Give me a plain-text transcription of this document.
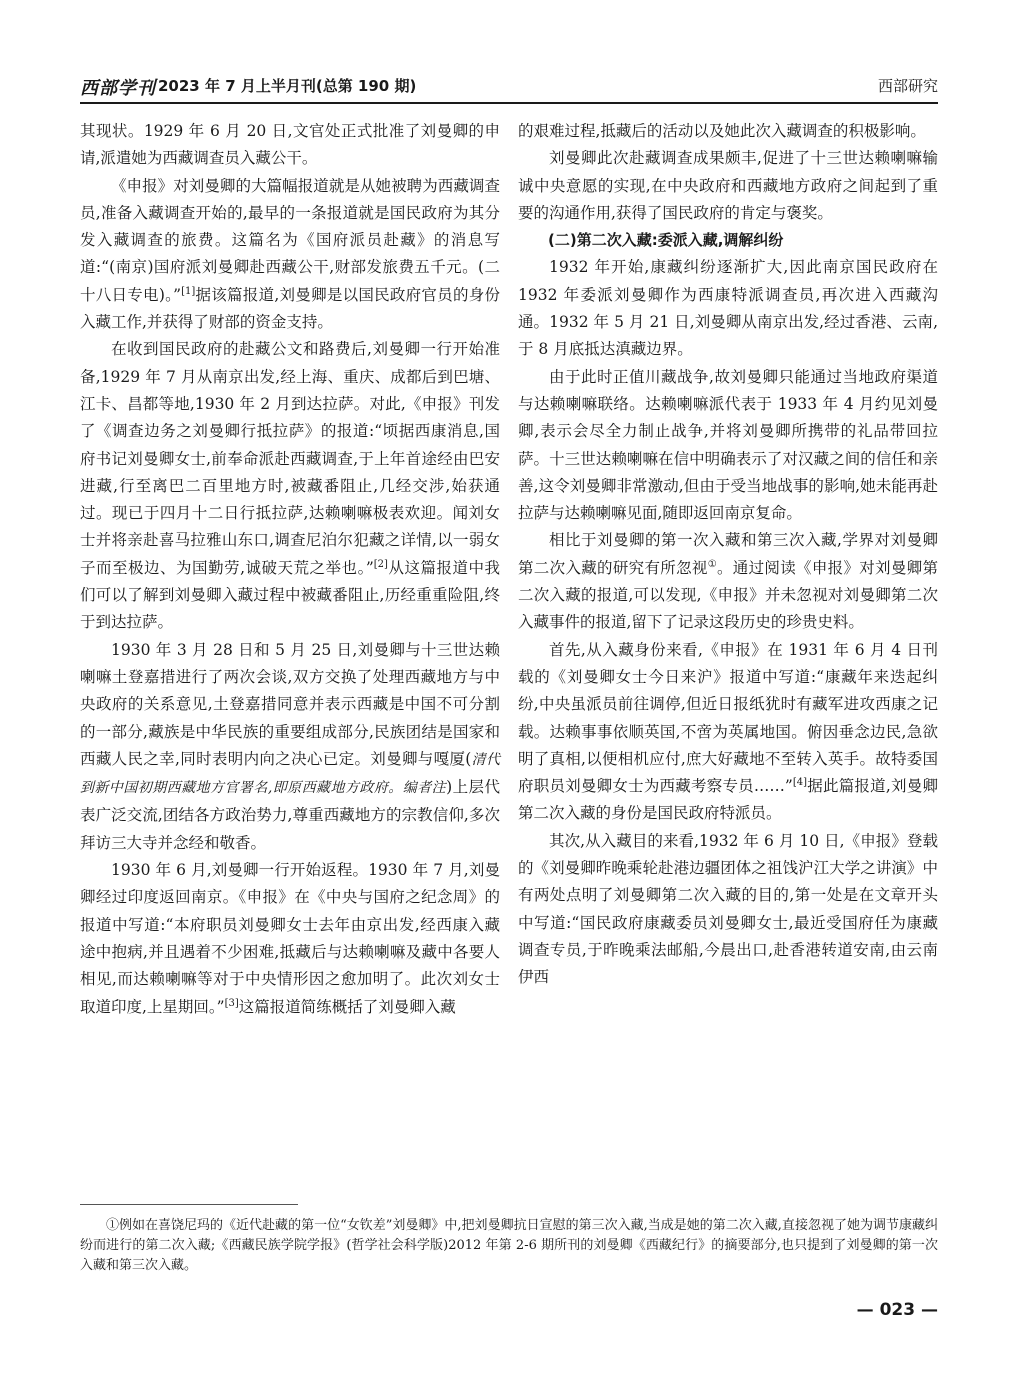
西部学刊 2023 年 7 月上半月刊(总第 190 期)	西部研究

其现状。1929 年 6 月 20 日,文官处正式批准了刘曼卿的申请,派遣她为西藏调查员入藏公干。

《申报》对刘曼卿的大篇幅报道就是从她被聘为西藏调查员,准备入藏调查开始的,最早的一条报道就是国民政府为其分发入藏调查的旅费。这篇名为《国府派员赴藏》的消息写道:“(南京)国府派刘曼卿赴西藏公干,财部发旅费五千元。(二十八日专电)。”[1]据该篇报道,刘曼卿是以国民政府官员的身份入藏工作,并获得了财部的资金支持。

在收到国民政府的赴藏公文和路费后,刘曼卿一行开始准备,1929 年 7 月从南京出发,经上海、重庆、成都后到巴塘、江卡、昌都等地,1930 年 2 月到达拉萨。对此,《申报》刊发了《调查边务之刘曼卿行抵拉萨》的报道:“顷据西康消息,国府书记刘曼卿女士,前奉命派赴西藏调查,于上年首途经由巴安进藏,行至离巴二百里地方时,被藏番阻止,几经交涉,始获通过。现已于四月十二日行抵拉萨,达赖喇嘛极表欢迎。闻刘女士并将亲赴喜马拉雅山东口,调查尼泊尔犯藏之详情,以一弱女子而至极边、为国勤劳,诚破天荒之举也。”[2]从这篇报道中我们可以了解到刘曼卿入藏过程中被藏番阻止,历经重重险阻,终于到达拉萨。

1930 年 3 月 28 日和 5 月 25 日,刘曼卿与十三世达赖喇嘛土登嘉措进行了两次会谈,双方交换了处理西藏地方与中央政府的关系意见,土登嘉措同意并表示西藏是中国不可分割的一部分,藏族是中华民族的重要组成部分,民族团结是国家和西藏人民之幸,同时表明内向之决心已定。刘曼卿与嘎厦(清代到新中国初期西藏地方官署名,即原西藏地方政府。编者注)上层代表广泛交流,团结各方政治势力,尊重西藏地方的宗教信仰,多次拜访三大寺并念经和敬香。

1930 年 6 月,刘曼卿一行开始返程。1930 年 7 月,刘曼卿经过印度返回南京。《申报》在《中央与国府之纪念周》的报道中写道:“本府职员刘曼卿女士去年由京出发,经西康入藏途中抱病,并且遇着不少困难,抵藏后与达赖喇嘛及藏中各要人相见,而达赖喇嘛等对于中央情形因之愈加明了。此次刘女士取道印度,上星期回。”[3]这篇报道简练概括了刘曼卿入藏

的艰难过程,抵藏后的活动以及她此次入藏调查的积极影响。

刘曼卿此次赴藏调查成果颇丰,促进了十三世达赖喇嘛输诚中央意愿的实现,在中央政府和西藏地方政府之间起到了重要的沟通作用,获得了国民政府的肯定与褒奖。

(二)第二次入藏:委派入藏,调解纠纷

1932 年开始,康藏纠纷逐渐扩大,因此南京国民政府在 1932 年委派刘曼卿作为西康特派调查员,再次进入西藏沟通。1932 年 5 月 21 日,刘曼卿从南京出发,经过香港、云南,于 8 月底抵达滇藏边界。

由于此时正值川藏战争,故刘曼卿只能通过当地政府渠道与达赖喇嘛联络。达赖喇嘛派代表于 1933 年 4 月约见刘曼卿,表示会尽全力制止战争,并将刘曼卿所携带的礼品带回拉萨。十三世达赖喇嘛在信中明确表示了对汉藏之间的信任和亲善,这令刘曼卿非常激动,但由于受当地战事的影响,她未能再赴拉萨与达赖喇嘛见面,随即返回南京复命。

相比于刘曼卿的第一次入藏和第三次入藏,学界对刘曼卿第二次入藏的研究有所忽视①。通过阅读《申报》对刘曼卿第二次入藏的报道,可以发现,《申报》并未忽视对刘曼卿第二次入藏事件的报道,留下了记录这段历史的珍贵史料。

首先,从入藏身份来看,《申报》在 1931 年 6 月 4 日刊载的《刘曼卿女士今日来沪》报道中写道:“康藏年来迭起纠纷,中央虽派员前往调停,但近日报纸犹时有藏军进攻西康之记载。达赖事事依顺英国,不啻为英属地国。俯因垂念边民,急欲明了真相,以便相机应付,庶大好藏地不至转入英手。故特委国府职员刘曼卿女士为西藏考察专员……”[4]据此篇报道,刘曼卿第二次入藏的身份是国民政府特派员。

其次,从入藏目的来看,1932 年 6 月 10 日,《申报》登载的《刘曼卿昨晚乘轮赴港边疆团体之祖饯沪江大学之讲演》中有两处点明了刘曼卿第二次入藏的目的,第一处是在文章开头中写道:“国民政府康藏委员刘曼卿女士,最近受国府任为康藏调查专员,于昨晚乘法邮船,今晨出口,赴香港转道安南,由云南伊西

①例如在喜饶尼玛的《近代赴藏的第一位“女钦差”刘曼卿》中,把刘曼卿抗日宣慰的第三次入藏,当成是她的第二次入藏,直接忽视了她为调节康藏纠纷而进行的第二次入藏;《西藏民族学院学报》(哲学社会科学版)2012 年第 2-6 期所刊的刘曼卿《西藏纪行》的摘要部分,也只提到了刘曼卿的第一次入藏和第三次入藏。

— 023 —
